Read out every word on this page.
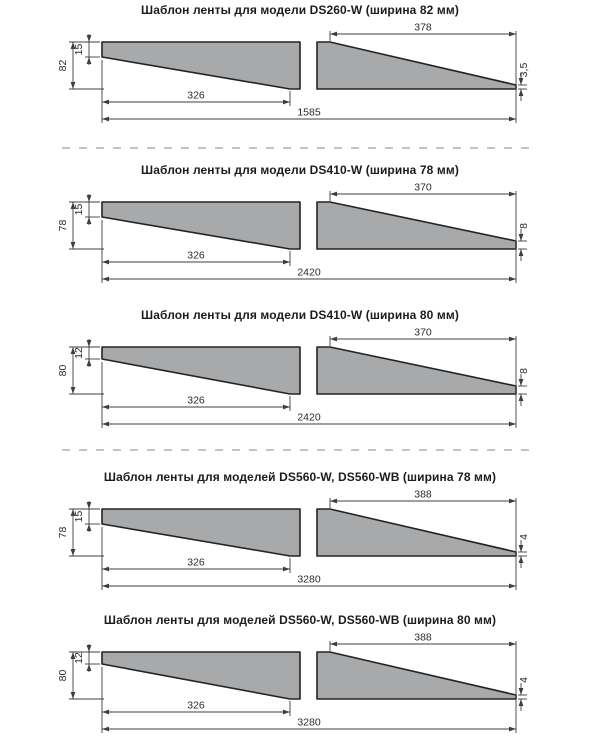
Шаблон ленты для модели DS260-W (ширина 82 мм)
82
15
326
1585
378
3,5
Шаблон ленты для модели DS410-W (ширина 78 мм)
78
15
326
2420
370
8
Шаблон ленты для модели DS410-W (ширина 80 мм)
80
12
326
2420
370
8
Шаблон ленты для моделей DS560-W, DS560-WB (ширина 78 мм)
78
15
326
3280
388
4
Шаблон ленты для моделей DS560-W, DS560-WB (ширина 80 мм)
80
12
326
3280
388
4
